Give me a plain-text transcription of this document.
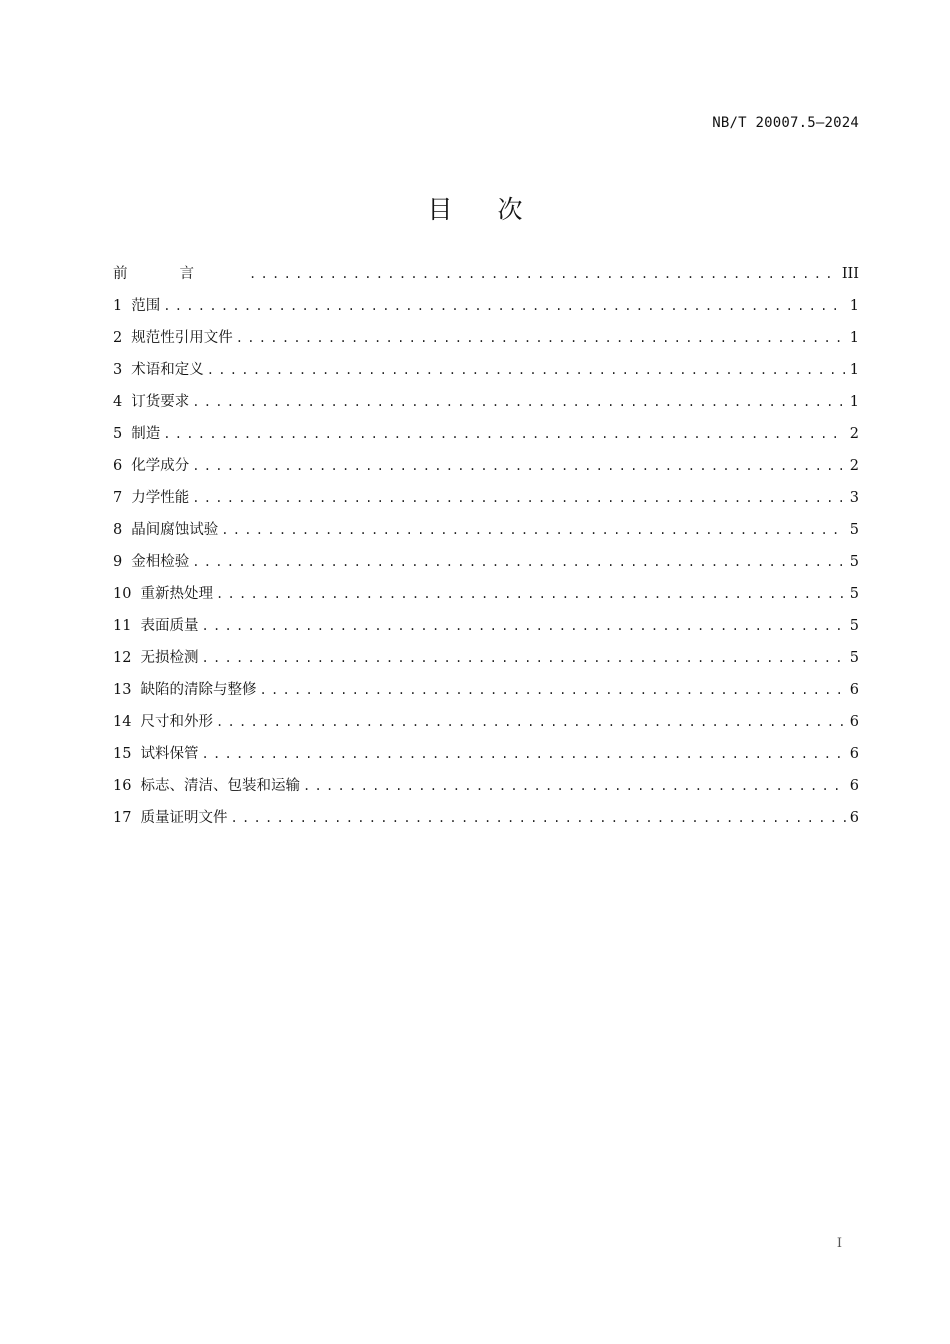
NB/T 20007.5—2024
目次
前言 .....	III
1 范围 .....	1
2 规范性引用文件 .....	1
3 术语和定义 .....	1
4 订货要求 .....	1
5 制造 .....	2
6 化学成分 .....	2
7 力学性能 .....	3
8 晶间腐蚀试验 .....	5
9 金相检验 .....	5
10 重新热处理 .....	5
11 表面质量 .....	5
12 无损检测 .....	5
13 缺陷的清除与整修 .....	6
14 尺寸和外形 .....	6
15 试料保管 .....	6
16 标志、清洁、包装和运输 .....	6
17 质量证明文件 .....	6
I
